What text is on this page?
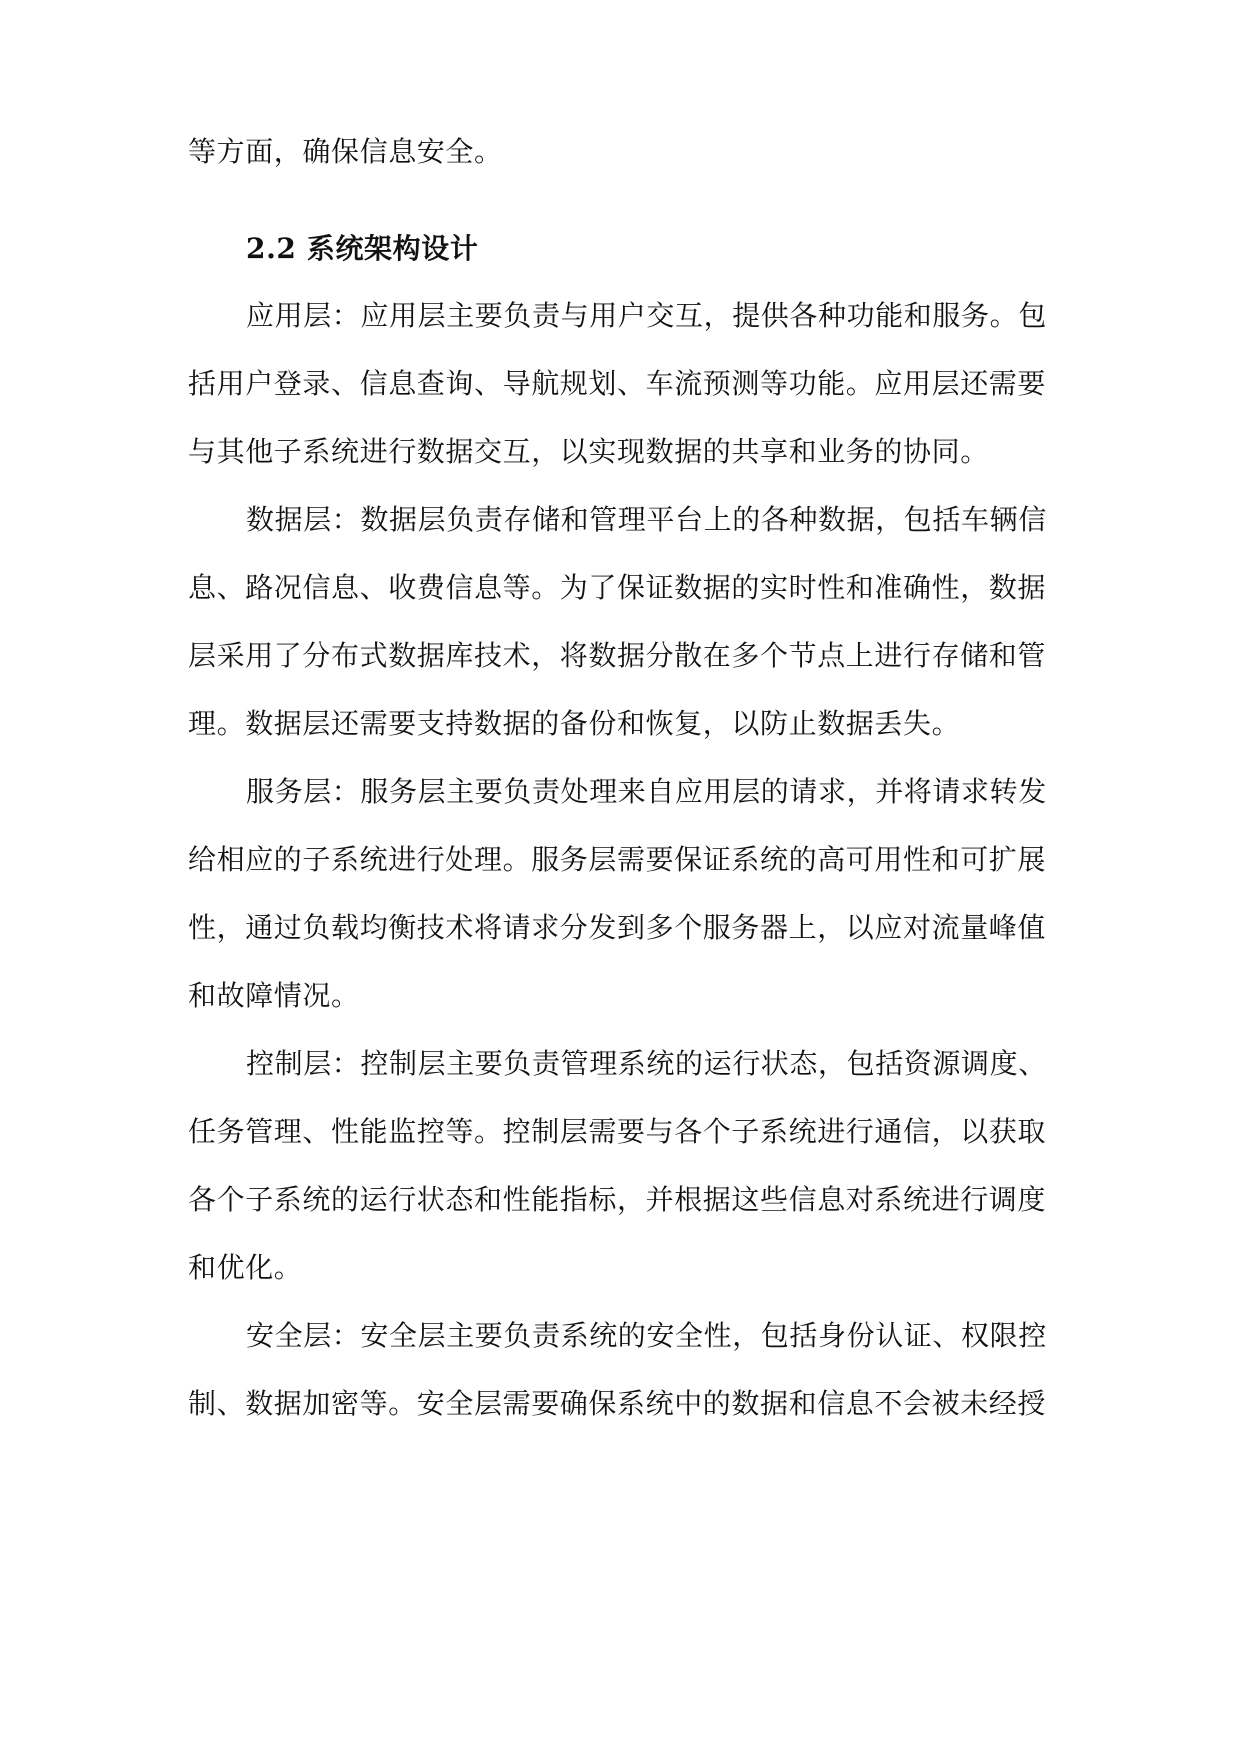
等方面，确保信息安全。
2.2 系统架构设计
应用层：应用层主要负责与用户交互，提供各种功能和服务。包
括用户登录、信息查询、导航规划、车流预测等功能。应用层还需要
与其他子系统进行数据交互，以实现数据的共享和业务的协同。
数据层：数据层负责存储和管理平台上的各种数据，包括车辆信
息、路况信息、收费信息等。为了保证数据的实时性和准确性，数据
层采用了分布式数据库技术，将数据分散在多个节点上进行存储和管
理。数据层还需要支持数据的备份和恢复，以防止数据丢失。
服务层：服务层主要负责处理来自应用层的请求，并将请求转发
给相应的子系统进行处理。服务层需要保证系统的高可用性和可扩展
性，通过负载均衡技术将请求分发到多个服务器上，以应对流量峰值
和故障情况。
控制层：控制层主要负责管理系统的运行状态，包括资源调度、
任务管理、性能监控等。控制层需要与各个子系统进行通信，以获取
各个子系统的运行状态和性能指标，并根据这些信息对系统进行调度
和优化。
安全层：安全层主要负责系统的安全性，包括身份认证、权限控
制、数据加密等。安全层需要确保系统中的数据和信息不会被未经授
